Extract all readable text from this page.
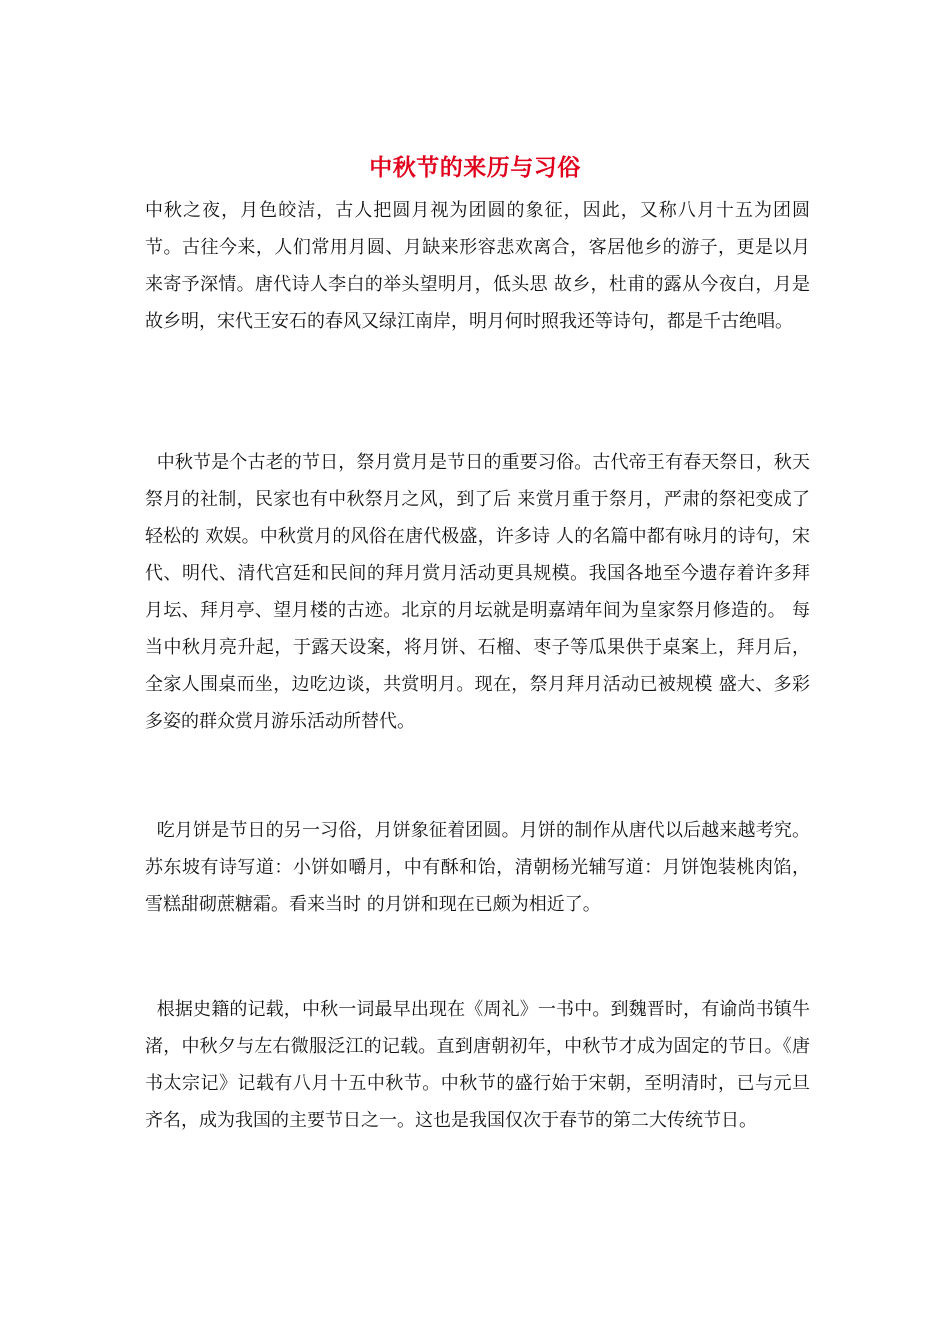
中秋节的来历与习俗
中秋之夜，月色皎洁，古人把圆月视为团圆的象征，因此，又称八月十五为团圆节。古往今来，人们常用月圆、月缺来形容悲欢离合，客居他乡的游子，更是以月来寄予深情。唐代诗人李白的举头望明月，低头思 故乡，杜甫的露从今夜白，月是故乡明，宋代王安石的春风又绿江南岸，明月何时照我还等诗句，都是千古绝唱。
中秋节是个古老的节日，祭月赏月是节日的重要习俗。古代帝王有春天祭日，秋天祭月的社制，民家也有中秋祭月之风，到了后 来赏月重于祭月，严肃的祭祀变成了轻松的 欢娱。中秋赏月的风俗在唐代极盛，许多诗 人的名篇中都有咏月的诗句，宋代、明代、清代宫廷和民间的拜月赏月活动更具规模。我国各地至今遗存着许多拜月坛、拜月亭、望月楼的古迹。北京的月坛就是明嘉靖年间为皇家祭月修造的。 每当中秋月亮升起，于露天设案，将月饼、石榴、枣子等瓜果供于桌案上，拜月后，全家人围桌而坐，边吃边谈，共赏明月。现在，祭月拜月活动已被规模 盛大、多彩多姿的群众赏月游乐活动所替代。
吃月饼是节日的另一习俗，月饼象征着团圆。月饼的制作从唐代以后越来越考究。苏东坡有诗写道：小饼如嚼月，中有酥和饴，清朝杨光辅写道：月饼饱装桃肉馅，雪糕甜砌蔗糖霜。看来当时 的月饼和现在已颇为相近了。
根据史籍的记载，中秋一词最早出现在《周礼》一书中。到魏晋时，有谕尚书镇牛渚，中秋夕与左右微服泛江的记载。直到唐朝初年，中秋节才成为固定的节日。《唐书太宗记》记载有八月十五中秋节。中秋节的盛行始于宋朝，至明清时，已与元旦齐名，成为我国的主要节日之一。这也是我国仅次于春节的第二大传统节日。
